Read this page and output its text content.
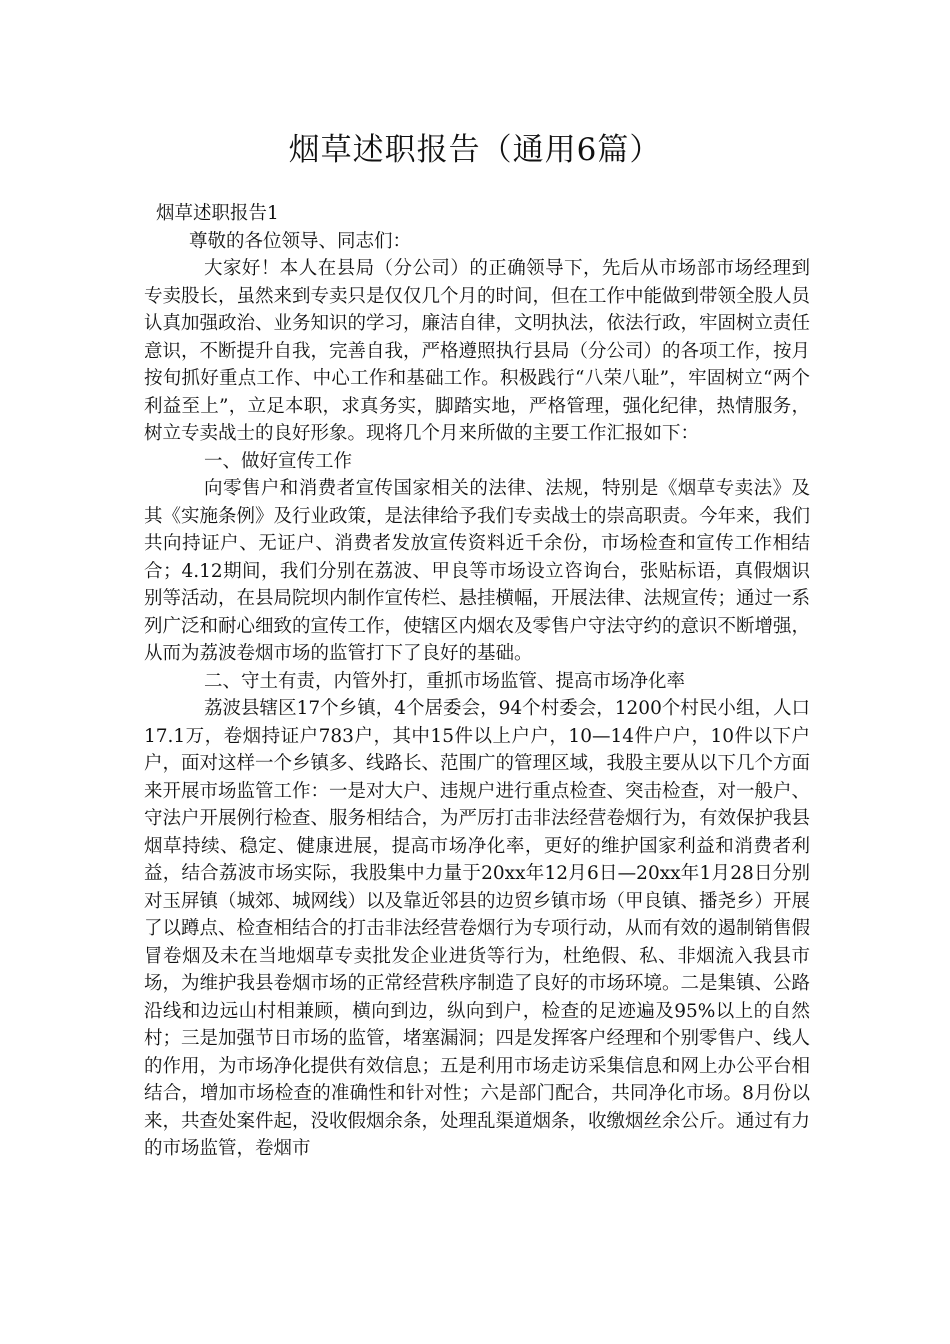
烟草述职报告（通用6篇）

烟草述职报告1

尊敬的各位领导、同志们：

大家好！本人在县局（分公司）的正确领导下，先后从市场部市场经理到专卖股长，虽然来到专卖只是仅仅几个月的时间，但在工作中能做到带领全股人员认真加强政治、业务知识的学习，廉洁自律，文明执法，依法行政，牢固树立责任意识，不断提升自我，完善自我，严格遵照执行县局（分公司）的各项工作，按月按旬抓好重点工作、中心工作和基础工作。积极践行“八荣八耻”，牢固树立“两个利益至上”，立足本职，求真务实，脚踏实地，严格管理，强化纪律，热情服务，树立专卖战士的良好形象。现将几个月来所做的主要工作汇报如下：

一、做好宣传工作

向零售户和消费者宣传国家相关的法律、法规，特别是《烟草专卖法》及其《实施条例》及行业政策，是法律给予我们专卖战士的崇高职责。今年来，我们共向持证户、无证户、消费者发放宣传资料近千余份，市场检查和宣传工作相结合；4.12期间，我们分别在荔波、甲良等市场设立咨询台，张贴标语，真假烟识别等活动，在县局院坝内制作宣传栏、悬挂横幅，开展法律、法规宣传；通过一系列广泛和耐心细致的宣传工作，使辖区内烟农及零售户守法守约的意识不断增强，从而为荔波卷烟市场的监管打下了良好的基础。

二、守土有责，内管外打，重抓市场监管、提高市场净化率

荔波县辖区17个乡镇，4个居委会，94个村委会，1200个村民小组，人口17.1万，卷烟持证户783户，其中15件以上户户，10—14件户户，10件以下户户，面对这样一个乡镇多、线路长、范围广的管理区域，我股主要从以下几个方面来开展市场监管工作：一是对大户、违规户进行重点检查、突击检查，对一般户、守法户开展例行检查、服务相结合，为严厉打击非法经营卷烟行为，有效保护我县烟草持续、稳定、健康进展，提高市场净化率，更好的维护国家利益和消费者利益，结合荔波市场实际，我股集中力量于20xx年12月6日—20xx年1月28日分别对玉屏镇（城郊、城网线）以及靠近邻县的边贸乡镇市场（甲良镇、播尧乡）开展了以蹲点、检查相结合的打击非法经营卷烟行为专项行动，从而有效的遏制销售假冒卷烟及未在当地烟草专卖批发企业进货等行为，杜绝假、私、非烟流入我县市场，为维护我县卷烟市场的正常经营秩序制造了良好的市场环境。二是集镇、公路沿线和边远山村相兼顾，横向到边，纵向到户，检查的足迹遍及95%以上的自然村；三是加强节日市场的监管，堵塞漏洞；四是发挥客户经理和个别零售户、线人的作用，为市场净化提供有效信息；五是利用市场走访采集信息和网上办公平台相结合，增加市场检查的准确性和针对性；六是部门配合，共同净化市场。8月份以来，共查处案件起，没收假烟余条，处理乱渠道烟条，收缴烟丝余公斤。通过有力的市场监管，卷烟市
